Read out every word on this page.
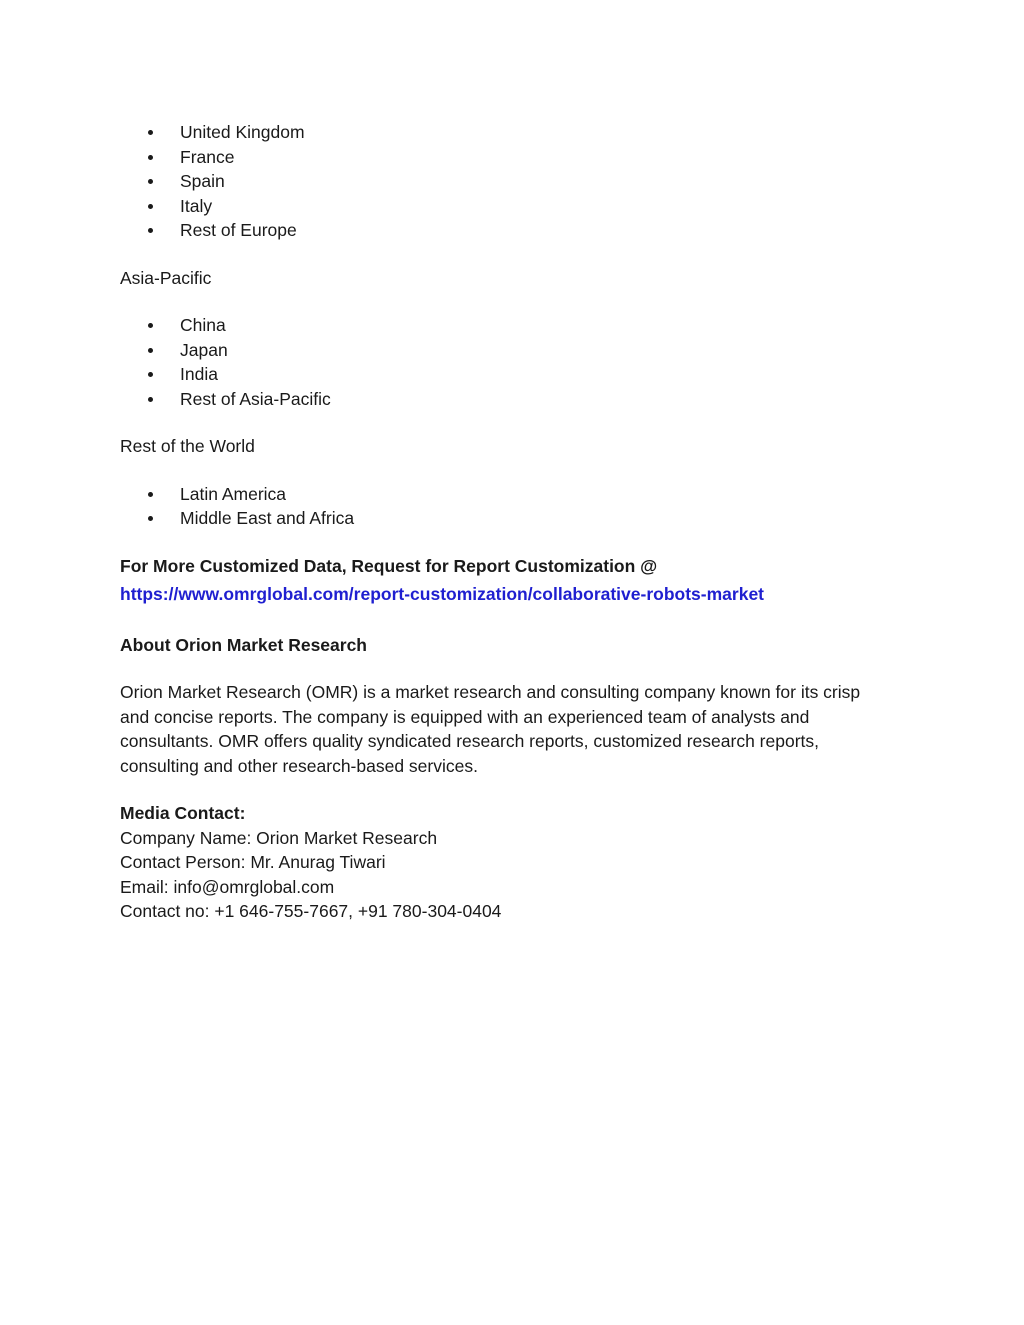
United Kingdom
France
Spain
Italy
Rest of Europe
Asia-Pacific
China
Japan
India
Rest of Asia-Pacific
Rest of the World
Latin America
Middle East and Africa
For More Customized Data, Request for Report Customization @
https://www.omrglobal.com/report-customization/collaborative-robots-market
About Orion Market Research
Orion Market Research (OMR) is a market research and consulting company known for its crisp
and concise reports. The company is equipped with an experienced team of analysts and
consultants. OMR offers quality syndicated research reports, customized research reports,
consulting and other research-based services.
Media Contact:
Company Name: Orion Market Research
Contact Person: Mr. Anurag Tiwari
Email: info@omrglobal.com
Contact no: +1 646-755-7667, +91 780-304-0404
